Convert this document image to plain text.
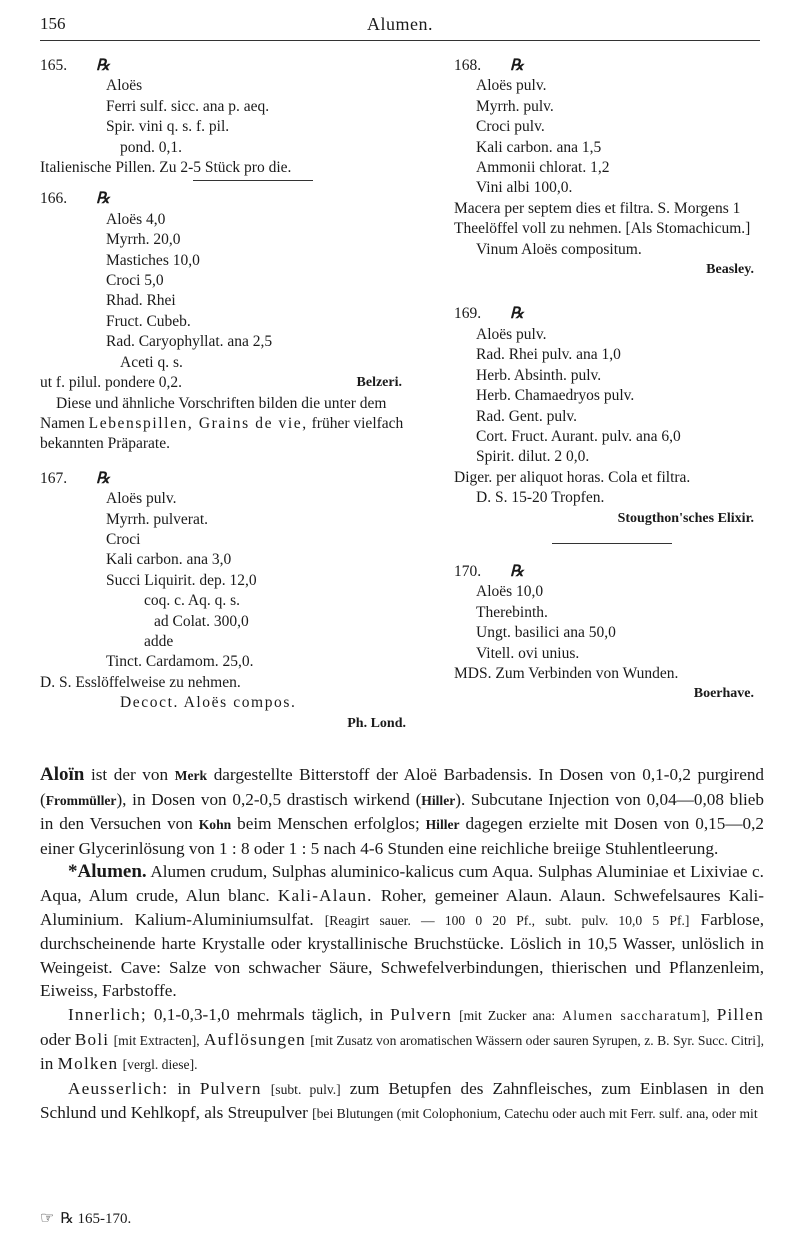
156	Alumen.
165. ℞
Aloës
Ferri sulf. sicc. ana p. aeq.
Spir. vini q. s. f. pil.
pond. 0,1.
Italienische Pillen. Zu 2-5 Stück pro die.
166. ℞
Aloës 4,0
Myrrh. 20,0
Mastiches 10,0
Croci 5,0
Rhad. Rhei
Fruct. Cubeb.
Rad. Caryophyllat. ana 2,5
Aceti q. s.
ut f. pilul. pondere 0,2.	Belzeri.
Diese und ähnliche Vorschriften bilden die unter dem Namen Lebenspillen, Grains de vie, früher vielfach bekannten Präparate.
167. ℞
Aloës pulv.
Myrrh. pulverat.
Croci
Kali carbon. ana 3,0
Succi Liquirit. dep. 12,0
coq. c. Aq. q. s.
ad Colat. 300,0
adde
Tinct. Cardamom. 25,0.
D. S. Esslöffelweise zu nehmen.
Decoct. Aloës compos.
Ph. Lond.
168. ℞
Aloës pulv.
Myrrh. pulv.
Croci pulv.
Kali carbon. ana 1,5
Ammonii chlorat. 1,2
Vini albi 100,0.
Macera per septem dies et filtra. S. Morgens 1 Theelöffel voll zu nehmen. [Als Stomachicum.]
Vinum Aloës compositum.
Beasley.
169. ℞
Aloës pulv.
Rad. Rhei pulv. ana 1,0
Herb. Absinth. pulv.
Herb. Chamaedryos pulv.
Rad. Gent. pulv.
Cort. Fruct. Aurant. pulv. ana 6,0
Spirit. dilut. 2 0,0.
Diger. per aliquot horas. Cola et filtra.
D. S. 15-20 Tropfen.
Stougthon'sches Elixir.
170. ℞
Aloës 10,0
Therebinth.
Ungt. basilici ana 50,0
Vitell. ovi unius.
MDS. Zum Verbinden von Wunden.
Boerhave.

Aloïn ist der von Merk dargestellte Bitterstoff der Aloë Barbadensis. In Dosen von 0,1-0,2 purgirend (Frommüller), in Dosen von 0,2-0,5 drastisch wirkend (Hiller). Subcutane Injection von 0,04—0,08 blieb in den Versuchen von Kohn beim Menschen erfolglos; Hiller dagegen erzielte mit Dosen von 0,15—0,2 einer Glycerinlösung von 1 : 8 oder 1 : 5 nach 4-6 Stunden eine reichliche breiige Stuhlentleerung.

*Alumen. Alumen crudum, Sulphas aluminico-kalicus cum Aqua. Sulphas Aluminiae et Lixiviae c. Aqua, Alum crude, Alun blanc. Kali-Alaun. Roher, gemeiner Alaun. Alaun. Schwefelsaures Kali-Aluminium. Kalium-Aluminiumsulfat. [Reagirt sauer. — 100 0 20 Pf., subt. pulv. 10,0 5 Pf.] Farblose, durchscheinende harte Krystalle oder krystallinische Bruchstücke. Löslich in 10,5 Wasser, unlöslich in Weingeist. Cave: Salze von schwacher Säure, Schwefelverbindungen, thierischen und Pflanzenleim, Eiweiss, Farbstoffe.

Innerlich; 0,1-0,3-1,0 mehrmals täglich, in Pulvern [mit Zucker ana: Alumen saccharatum], Pillen oder Boli [mit Extracten], Auflösungen [mit Zusatz von aromatischen Wässern oder sauren Syrupen, z. B. Syr. Succ. Citri], in Molken [vergl. diese].

Aeusserlich: in Pulvern [subt. pulv.] zum Betupfen des Zahnfleisches, zum Einblasen in den Schlund und Kehlkopf, als Streupulver [bei Blutungen (mit Colophonium, Catechu oder auch mit Ferr. sulf. ana, oder mit

☞ ℞ 165-170.
